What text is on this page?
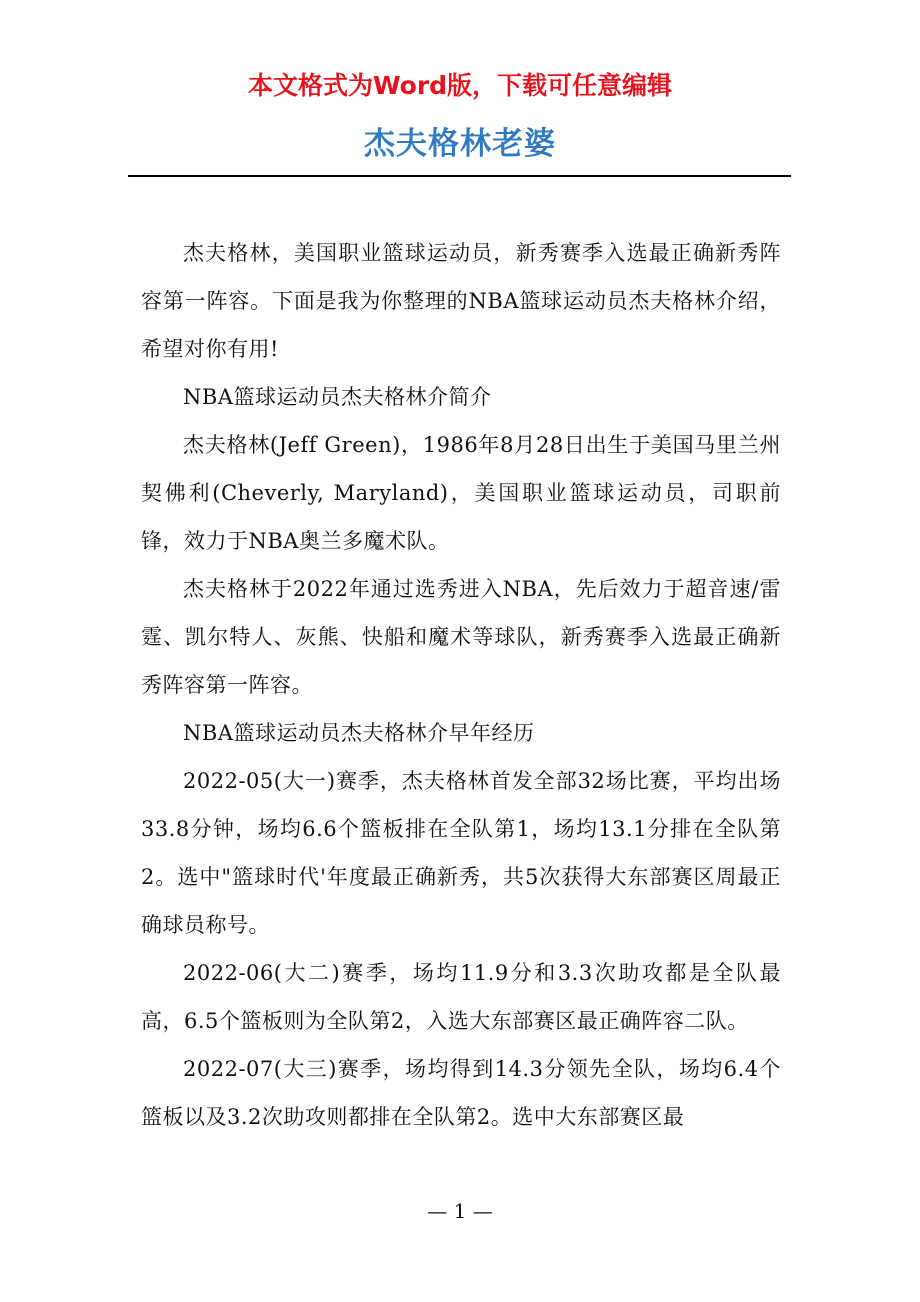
本文格式为Word版，下载可任意编辑
杰夫格林老婆

杰夫格林，美国职业篮球运动员，新秀赛季入选最正确新秀阵容第一阵容。下面是我为你整理的NBA篮球运动员杰夫格林介绍，希望对你有用!

NBA篮球运动员杰夫格林介简介

杰夫格林(Jeff Green)，1986年8月28日出生于美国马里兰州契佛利(Cheverly, Maryland)，美国职业篮球运动员，司职前锋，效力于NBA奥兰多魔术队。

杰夫格林于2022年通过选秀进入NBA，先后效力于超音速/雷霆、凯尔特人、灰熊、快船和魔术等球队，新秀赛季入选最正确新秀阵容第一阵容。

NBA篮球运动员杰夫格林介早年经历

2022-05(大一)赛季，杰夫格林首发全部32场比赛，平均出场33.8分钟，场均6.6个篮板排在全队第1，场均13.1分排在全队第2。选中"篮球时代'年度最正确新秀，共5次获得大东部赛区周最正确球员称号。

2022-06(大二)赛季，场均11.9分和3.3次助攻都是全队最高，6.5个篮板则为全队第2，入选大东部赛区最正确阵容二队。

2022-07(大三)赛季，场均得到14.3分领先全队，场均6.4个篮板以及3.2次助攻则都排在全队第2。选中大东部赛区最

— 1 —
